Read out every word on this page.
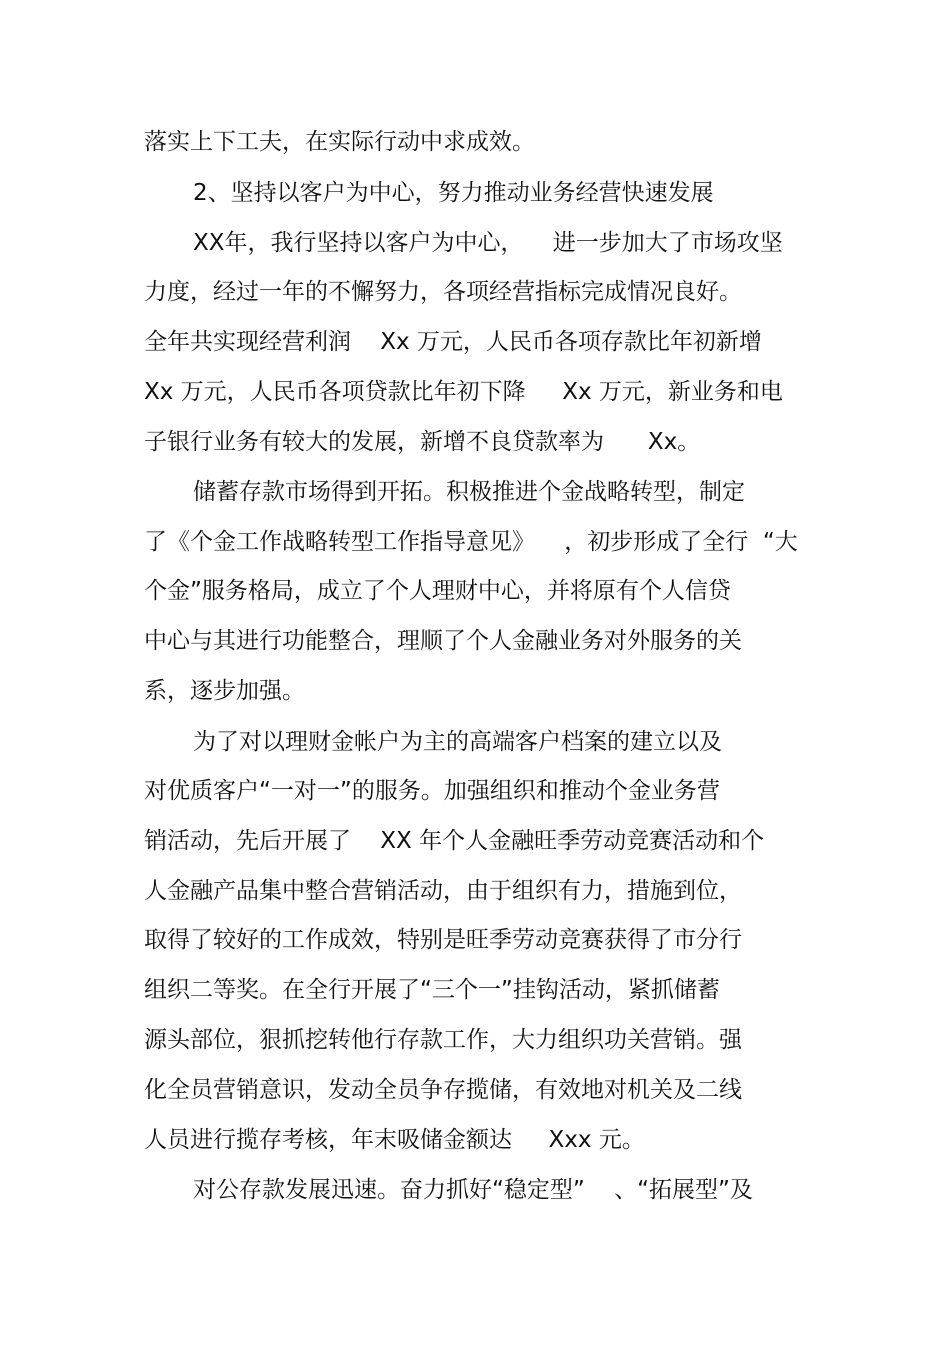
落实上下工夫，在实际行动中求成效。
2、坚持以客户为中心，努力推动业务经营快速发展
XX年，我行坚持以客户为中心，    进一步加大了市场攻坚
力度，经过一年的不懈努力，各项经营指标完成情况良好。
全年共实现经营利润    Xx 万元，人民币各项存款比年初新增
Xx 万元，人民币各项贷款比年初下降     Xx 万元，新业务和电
子银行业务有较大的发展，新增不良贷款率为      Xx。
储蓄存款市场得到开拓。积极推进个金战略转型，制定
了《个金工作战略转型工作指导意见》    ，初步形成了全行  “大
个金”服务格局，成立了个人理财中心，并将原有个人信贷
中心与其进行功能整合，理顺了个人金融业务对外服务的关
系，逐步加强。
为了对以理财金帐户为主的高端客户档案的建立以及
对优质客户“一对一”的服务。加强组织和推动个金业务营
销活动，先后开展了    XX 年个人金融旺季劳动竞赛活动和个
人金融产品集中整合营销活动，由于组织有力，措施到位，
取得了较好的工作成效，特别是旺季劳动竞赛获得了市分行
组织二等奖。在全行开展了“三个一”挂钩活动，紧抓储蓄
源头部位，狠抓挖转他行存款工作，大力组织功关营销。强
化全员营销意识，发动全员争存揽储，有效地对机关及二线
人员进行揽存考核，年末吸储金额达     Xxx 元。
对公存款发展迅速。奋力抓好“稳定型”    、“拓展型”及
